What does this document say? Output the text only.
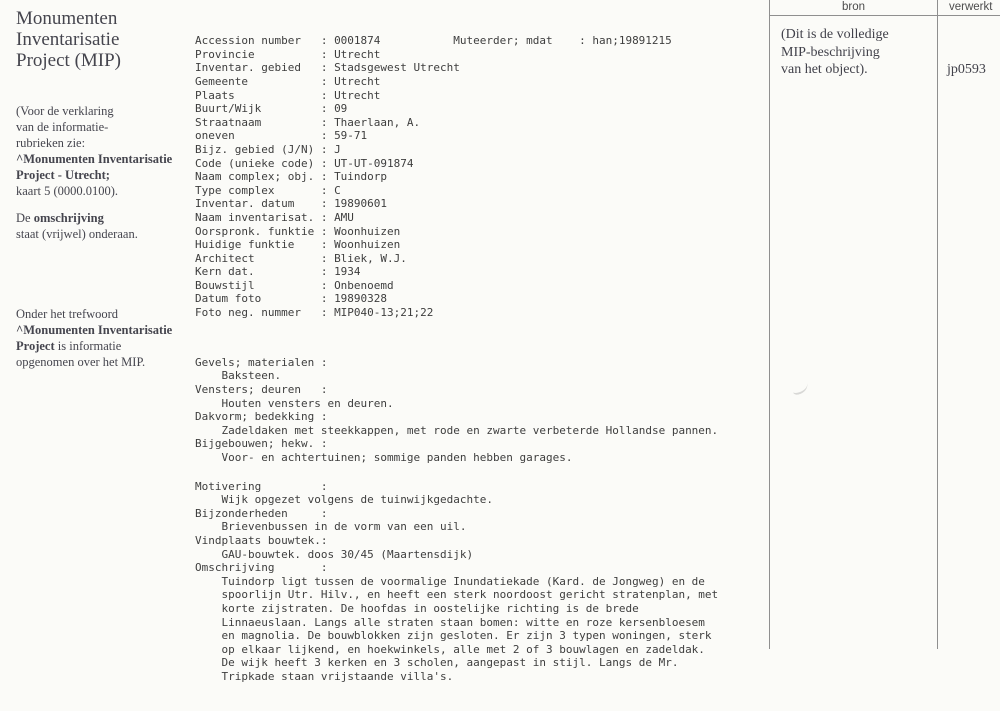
Monumenten Inventarisatie Project (MIP)
(Voor de verklaring
van de informatie-
rubrieken zie:
^Monumenten Inventarisatie
Project - Utrecht;
kaart 5 (0000.0100).
De omschrijving
staat (vrijwel) onderaan.
Onder het trefwoord
^Monumenten Inventarisatie
Project is informatie
opgenomen over het MIP.

Accession number : 0001874	Muteerder; mdat : han;19891215
Provincie	: Utrecht
Inventar. gebied : Stadsgewest Utrecht
Gemeente	: Utrecht
Plaats	: Utrecht
Buurt/Wijk	: 09
Straatnaam	: Thaerlaan, A.
oneven	: 59-71
Bijz. gebied (J/N) : J
Code (unieke code) : UT-UT-091874
Naam complex; obj. : Tuindorp
Type complex	: C
Inventar. datum : 19890601
Naam inventarisat. : AMU
Oorspronk. funktie : Woonhuizen
Huidige funktie : Woonhuizen
Architect	: Bliek, W.J.
Kern dat.	: 1934
Bouwstijl	: Onbenoemd
Datum foto	: 19890328
Foto neg. nummer : MIP040-13;21;22

Gevels; materialen :
Baksteen.
Vensters; deuren :
Houten vensters en deuren.
Dakvorm; bedekking :
Zadeldaken met steekkappen, met rode en zwarte verbeterde Hollandse pannen.
Bijgebouwen; hekw. :
Voor- en achtertuinen; sommige panden hebben garages.
Motivering	:
Wijk opgezet volgens de tuinwijkgedachte.
Bijzonderheden	:
Brievenbussen in de vorm van een uil.
Vindplaats bouwtek.:
GAU-bouwtek. doos 30/45 (Maartensdijk)
Omschrijving	:
Tuindorp ligt tussen de voormalige Inundatiekade (Kard. de Jongweg) en de
spoorlijn Utr. Hilv., en heeft een sterk noordoost gericht stratenplan, met
korte zijstraten. De hoofdas in oostelijke richting is de brede
Linnaeuslaan. Langs alle straten staan bomen: witte en roze kersenbloesem
en magnolia. De bouwblokken zijn gesloten. Er zijn 3 typen woningen, sterk
op elkaar lijkend, en hoekwinkels, alle met 2 of 3 bouwlagen en zadeldak.
De wijk heeft 3 kerken en 3 scholen, aangepast in stijl. Langs de Mr.
Tripkade staan vrijstaande villa's.

bron	verwerkt
(Dit is de volledige
MIP-beschrijving
van het object).	jp0593
